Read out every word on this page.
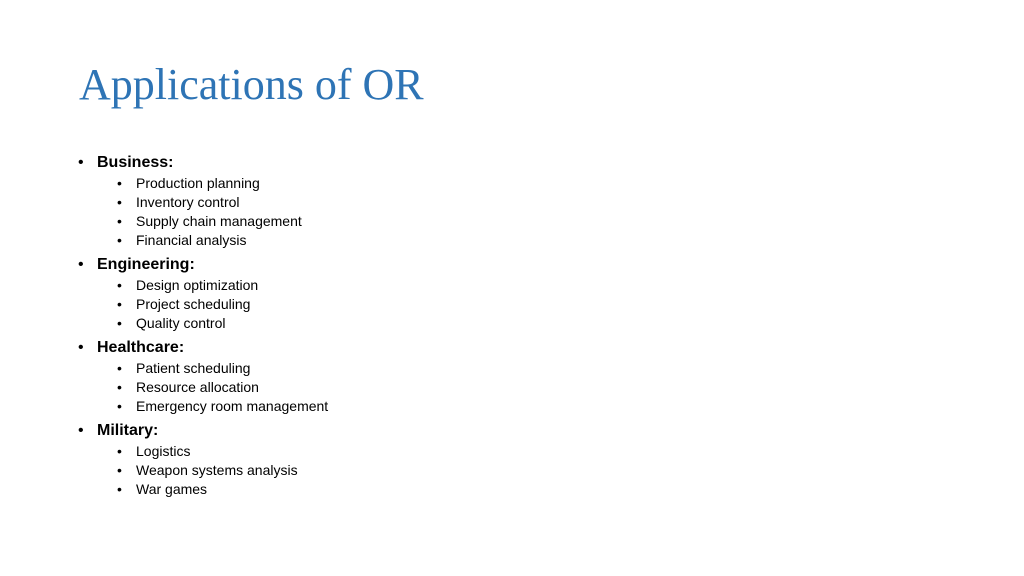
Applications of OR
• Business:
• Production planning
• Inventory control
• Supply chain management
• Financial analysis
• Engineering:
• Design optimization
• Project scheduling
• Quality control
• Healthcare:
• Patient scheduling
• Resource allocation
• Emergency room management
• Military:
• Logistics
• Weapon systems analysis
• War games
